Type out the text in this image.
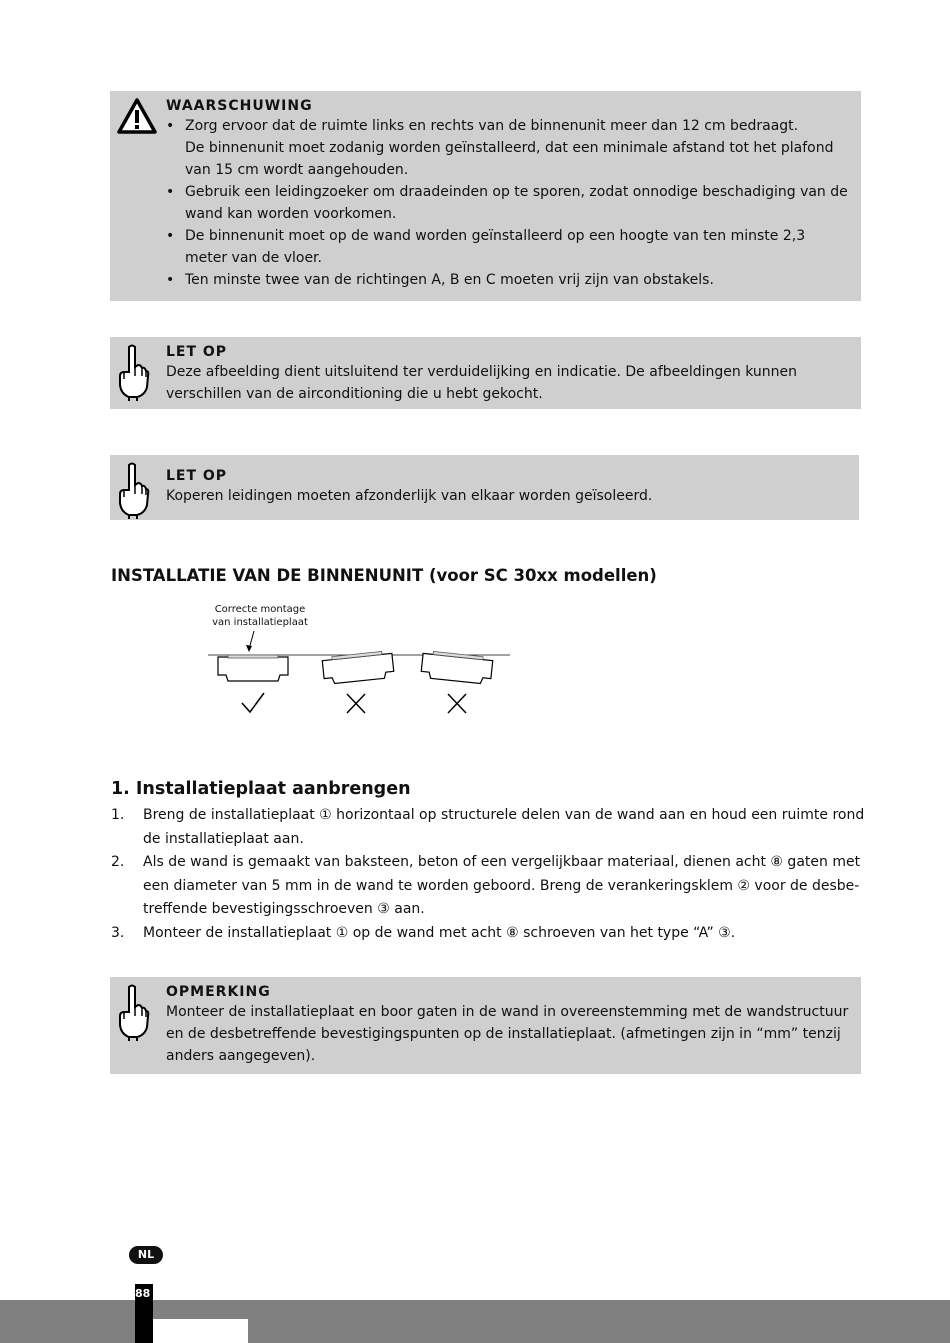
WAARSCHUWING
• Zorg ervoor dat de ruimte links en rechts van de binnenunit meer dan 12 cm bedraagt.
De binnenunit moet zodanig worden geïnstalleerd, dat een minimale afstand tot het plafond van 15 cm wordt aangehouden.
• Gebruik een leidingzoeker om draadeinden op te sporen, zodat onnodige beschadiging van de wand kan worden voorkomen.
• De binnenunit moet op de wand worden geïnstalleerd op een hoogte van ten minste 2,3 meter van de vloer.
• Ten minste twee van de richtingen A, B en C moeten vrij zijn van obstakels.
LET OP
Deze afbeelding dient uitsluitend ter verduidelijking en indicatie. De afbeeldingen kunnen verschillen van de airconditioning die u hebt gekocht.
LET OP
Koperen leidingen moeten afzonderlijk van elkaar worden geïsoleerd.
INSTALLATIE VAN DE BINNENUNIT (voor SC 30xx modellen)
Correcte montage
van installatieplaat
1. Installatieplaat aanbrengen
1. Breng de installatieplaat ① horizontaal op structurele delen van de wand aan en houd een ruimte rond
de installatieplaat aan.
2. Als de wand is gemaakt van baksteen, beton of een vergelijkbaar materiaal, dienen acht ⑧ gaten met
een diameter van 5 mm in de wand te worden geboord. Breng de verankeringsklem ② voor de desbe-
treffende bevestigingsschroeven ③ aan.
3. Monteer de installatieplaat ① op de wand met acht ⑧ schroeven van het type “A” ③.
OPMERKING
Monteer de installatieplaat en boor gaten in de wand in overeenstemming met de wandstructuur en de desbetreffende bevestigingspunten op de installatieplaat. (afmetingen zijn in “mm” tenzij anders aangegeven).
NL
88
